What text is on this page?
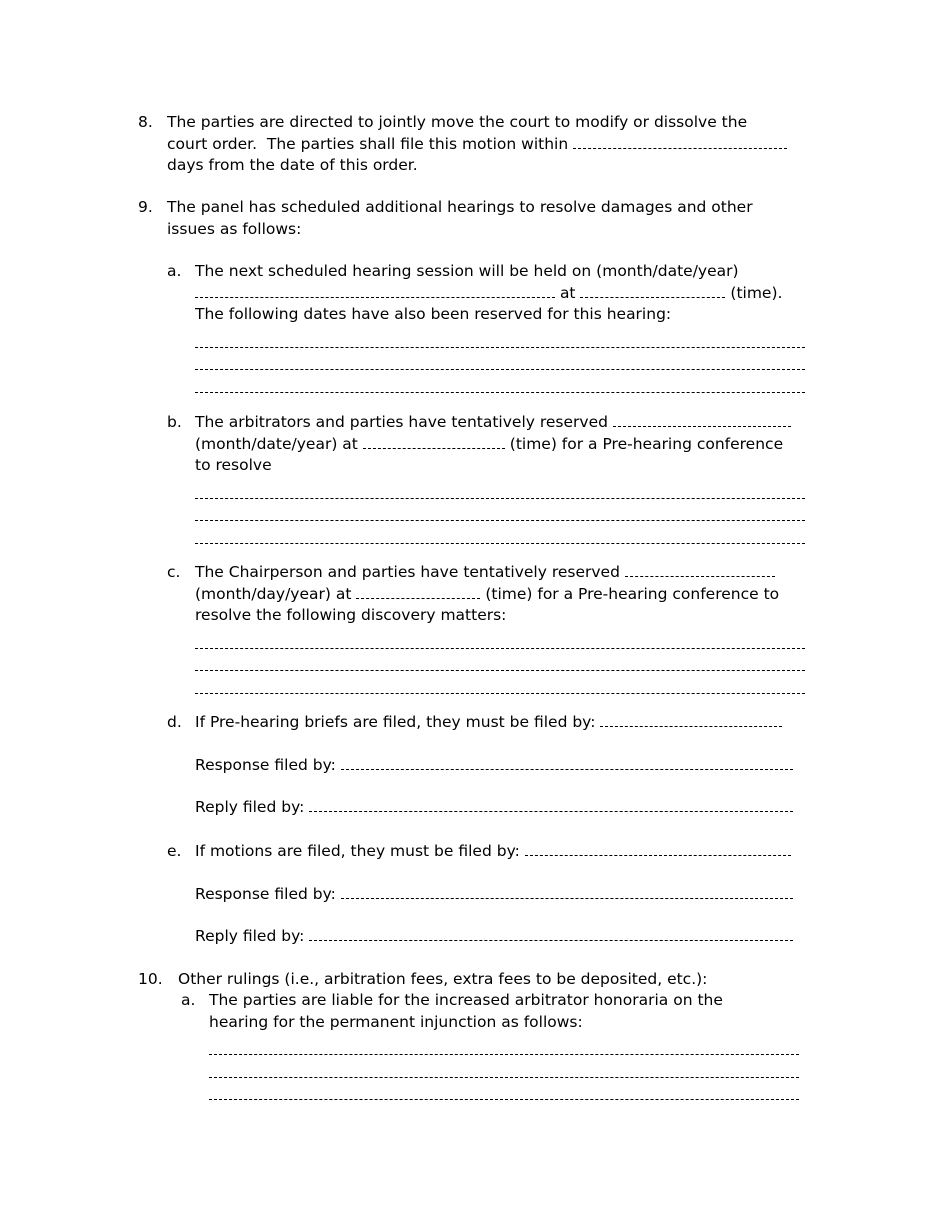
8. The parties are directed to jointly move the court to modify or dissolve the
court order.  The parties shall file this motion within
days from the date of this order.
9. The panel has scheduled additional hearings to resolve damages and other
issues as follows:
a. The next scheduled hearing session will be held on (month/date/year)
at	(time).
The following dates have also been reserved for this hearing:
b. The arbitrators and parties have tentatively reserved
(month/date/year) at	(time) for a Pre-hearing conference
to resolve
c. The Chairperson and parties have tentatively reserved
(month/day/year) at	(time) for a Pre-hearing conference to
resolve the following discovery matters:
d. If Pre-hearing briefs are filed, they must be filed by:
Response filed by:
Reply filed by:
e. If motions are filed, they must be filed by:
Response filed by:
Reply filed by:
10. Other rulings (i.e., arbitration fees, extra fees to be deposited, etc.):
a. The parties are liable for the increased arbitrator honoraria on the
hearing for the permanent injunction as follows:
